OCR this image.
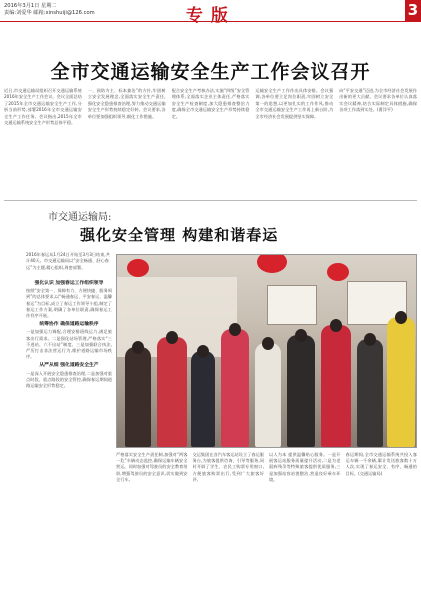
2016年3月1日 星期二
责编:刘爱华 邮箱:xinshuiji@126.com	专版	3
全市交通运输安全生产工作会议召开
近日,市交通运输局组织召开交通运输系统2016年安全生产工作会议。会议全面总结了2015年全市交通运输安全生产工作,分析当前形势,部署2016年全市交通运输安全生产工作任务。会议指出,2015年全市交通运输系统安全生产形势总体平稳。
一、预防为主、标本兼治”的方针,牢固树立安全发展理念,全面落实安全生产责任,强化安全隐患排查治理,努力推动交通运输安全生产形势持续稳定好转。会议要求,各单位要加强组织领导,细化工作措施。
配合安全生产考核办法,实施“四级”安全管理体系,全面落实企业主体责任,严格落实安全生产检查制度,加大隐患排查整治力度,确保全市交通运输安全生产形势持续稳定。
运输安全生产工作作出具体安排。会议强调,各单位要立足岗位职责,牢固树立安全第一的思想,以更加扎实的工作作风,推动全市交通运输安全生产工作再上新台阶,为全市经济社会发展提供坚实保障。
向“平安交通”迈进,为全市经济社会发展作出新的更大贡献。会议要求各单位认真落实会议精神,结合实际制定具体措施,确保各项工作落到实处。(曹洋平)
市交通运输局:
强化安全管理 构建和谐春运
2016年春运从1月24日开始至3月3日结束,共计40天。市交通运输局以“安全畅通、舒心春运”为主题,精心组织,周密部署。
强化认识 加强春运工作组织领导

按照“安全第一、保障有力、方便快捷、服务周到”的总体要求,以“畅通春运、平安春运、温馨春运”为目标,成立了春运工作领导小组,制定了春运工作方案,明确了各单位职责,确保春运工作有序开展。

统筹协作 确保道路运输秩序

一是加强运力调配,合理安排班线运力,满足旅客出行需求。二是强化站场管理,严格落实“三不进站、六不出站”制度。三是加强联合执法,严厉打击非法营运行为,维护道路运输市场秩序。

从严从细 强化道路安全生产

一是深入开展安全隐患排查治理,二是加强对重点时段、重点路段的安全管控,确保春运期间道路运输安全形势稳定。

严格落实安全生产责任制,加强对“两客一危”车辆动态监控,确保运输车辆安全营运。同时加强对驾驶员的安全教育培训,增强驾驶员的安全意识,切实做到安全行车。
交运集团在各汽车客运站设立了春运服务台,为旅客提供咨询、引导等服务,同时开辟了学生、农民工购票专用窗口,方便旅客购票出行,受到广大旅客好评。
以人为本 提供温馨贴心服务。一是开展客运站服务质量提升活动,二是为老弱病残孕等特殊旅客提供优质服务,三是加强站容站貌整治,营造良好乘车环境。
春运期间,全市交通运输系统共投入客运车辆一千余辆,累计发送旅客数十万人次,实现了春运安全、有序、畅通的目标。(交通运输局)
